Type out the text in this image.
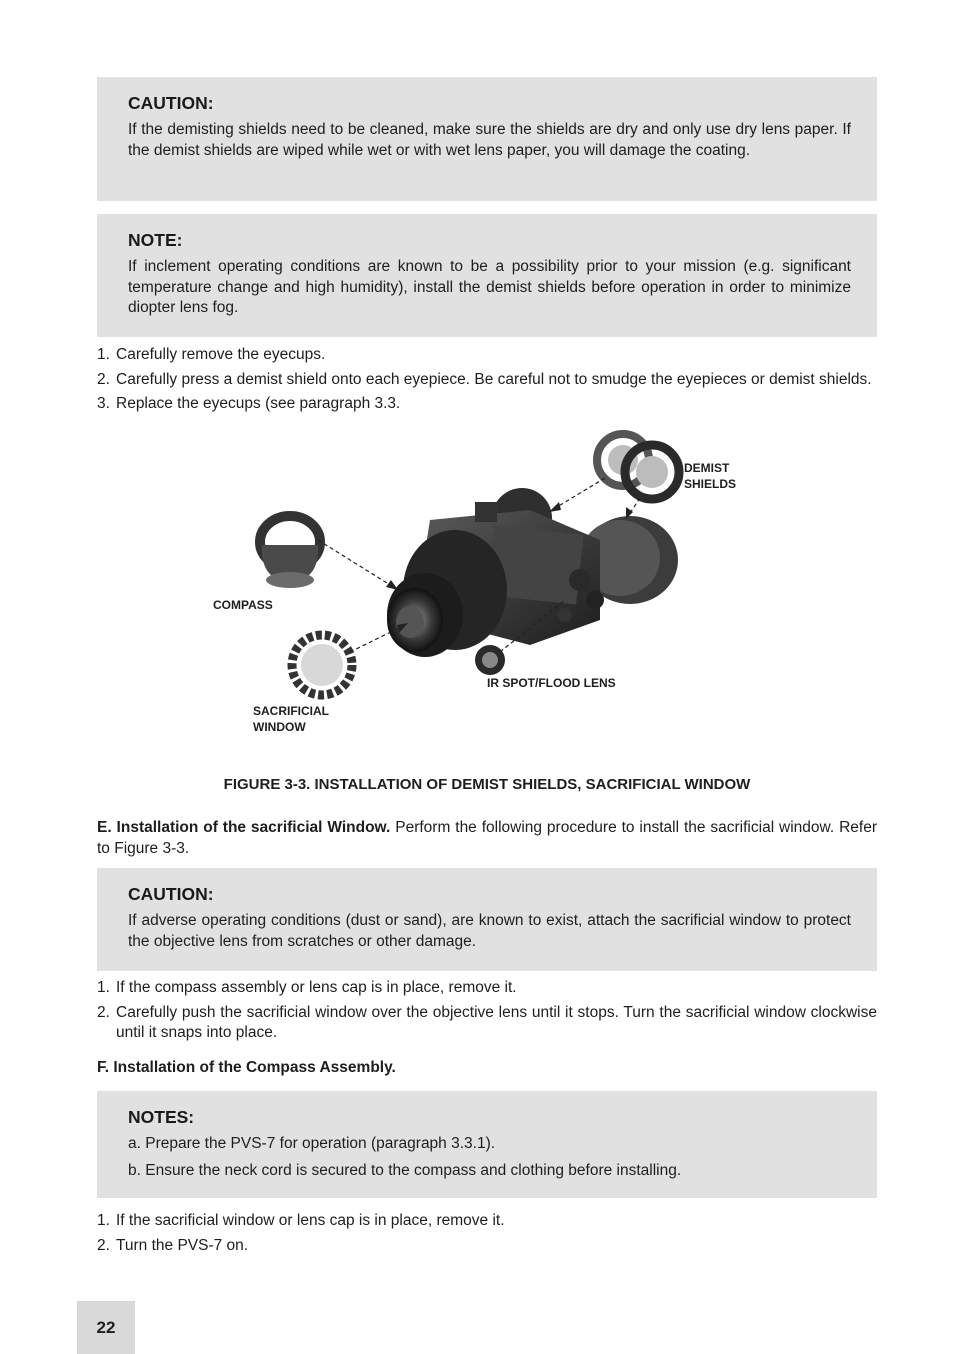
CAUTION:

If the demisting shields need to be cleaned, make sure the shields are dry and only use dry lens paper. If the demist shields are wiped while wet or with wet lens paper, you will damage the coating.

NOTE:

If inclement operating conditions are known to be a possibility prior to your mission (e.g. significant temperature change and high humidity), install the demist shields before operation in order to minimize diopter lens fog.

1. Carefully remove the eyecups.
2. Carefully press a demist shield onto each eyepiece. Be careful not to smudge the eyepieces or demist shields.
3. Replace the eyecups (see paragraph 3.3.
DEMIST
SHIELDS
COMPASS
IR SPOT/FLOOD LENS
SACRIFICIAL
WINDOW

FIGURE 3-3. INSTALLATION OF DEMIST SHIELDS, SACRIFICIAL WINDOW

E. Installation of the sacrificial Window. Perform the following procedure to install the sacrificial window. Refer to Figure 3-3.

CAUTION:

If adverse operating conditions (dust or sand), are known to exist, attach the sacrificial window to protect the objective lens from scratches or other damage.

1. If the compass assembly or lens cap is in place, remove it.
2. Carefully push the sacrificial window over the objective lens until it stops. Turn the sacrificial window clockwise until it snaps into place.

F. Installation of the Compass Assembly.

NOTES:
a. Prepare the PVS-7 for operation (paragraph 3.3.1).
b. Ensure the neck cord is secured to the compass and clothing before installing.
1. If the sacrificial window or lens cap is in place, remove it.
2. Turn the PVS-7 on.
22
